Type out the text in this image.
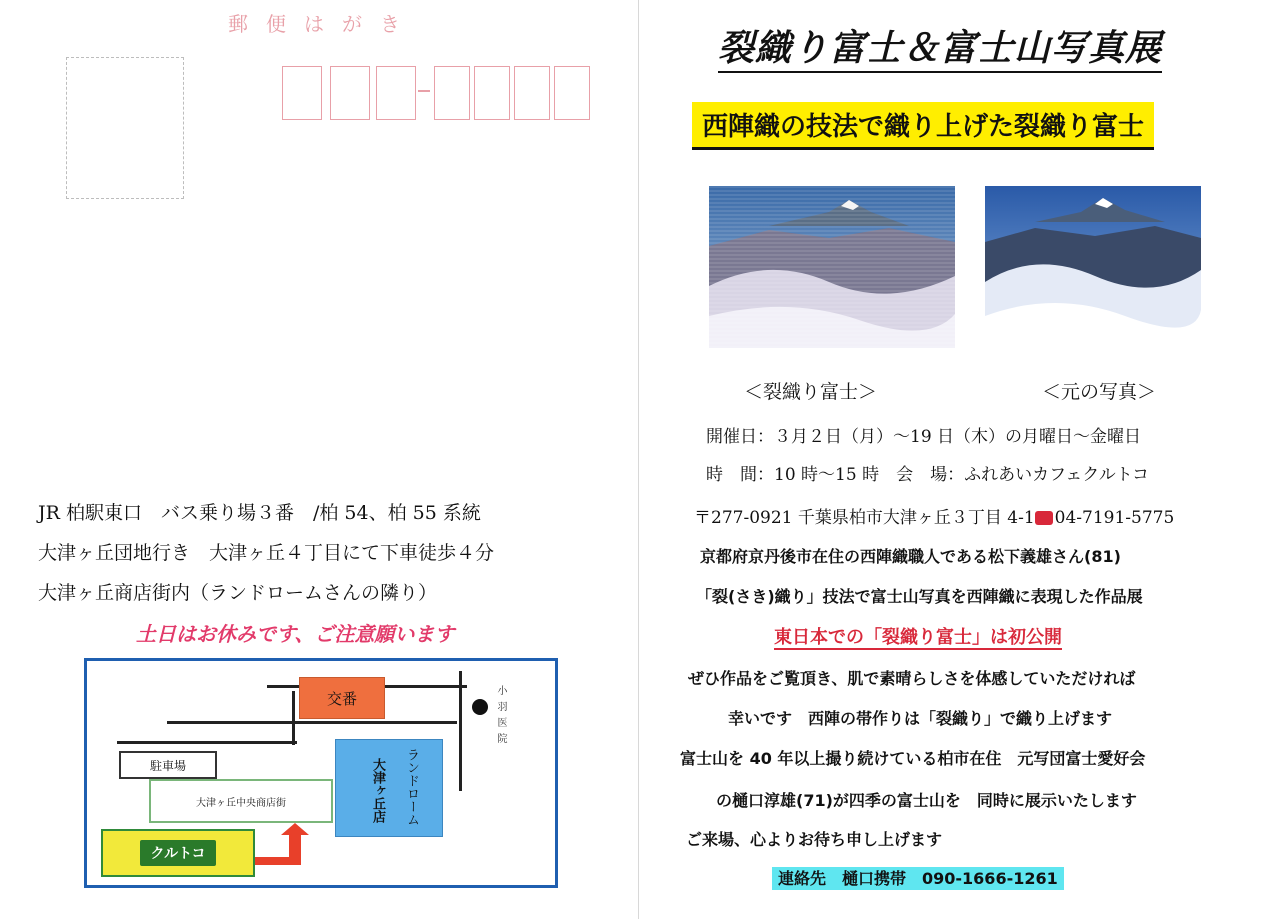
郵便はがき
JR 柏駅東口　バス乗り場３番　/柏 54、柏 55 系統
大津ヶ丘団地行き　大津ヶ丘４丁目にて下車徒歩４分
大津ヶ丘商店街内（ランドロームさんの隣り）
土日はお休みです、ご注意願います
交番
駐車場
大津ヶ丘中央商店街	ランドローム
大津ヶ丘店
小羽医院
クルトコ
裂織り富士＆富士山写真展
西陣織の技法で織り上げた裂織り富士
＜裂織り富士＞	＜元の写真＞
開催日：３月２日（月）～19 日（木）の月曜日～金曜日
時　間：10 時～15 時　会　場：ふれあいカフェクルトコ
〒277-0921 千葉県柏市大津ヶ丘３丁目 4-1 04-7191-5775
京都府京丹後市在住の西陣織職人である松下義雄さん(81)
「裂(さき)織り」技法で富士山写真を西陣織に表現した作品展
東日本での「裂織り富士」は初公開
ぜひ作品をご覧頂き、肌で素晴らしさを体感していただければ
幸いです　西陣の帯作りは「裂織り」で織り上げます
富士山を 40 年以上撮り続けている柏市在住　元写団富士愛好会
の樋口淳雄(71)が四季の富士山を　同時に展示いたします
ご来場、心よりお待ち申し上げます
連絡先　樋口携帯　090-1666-1261
